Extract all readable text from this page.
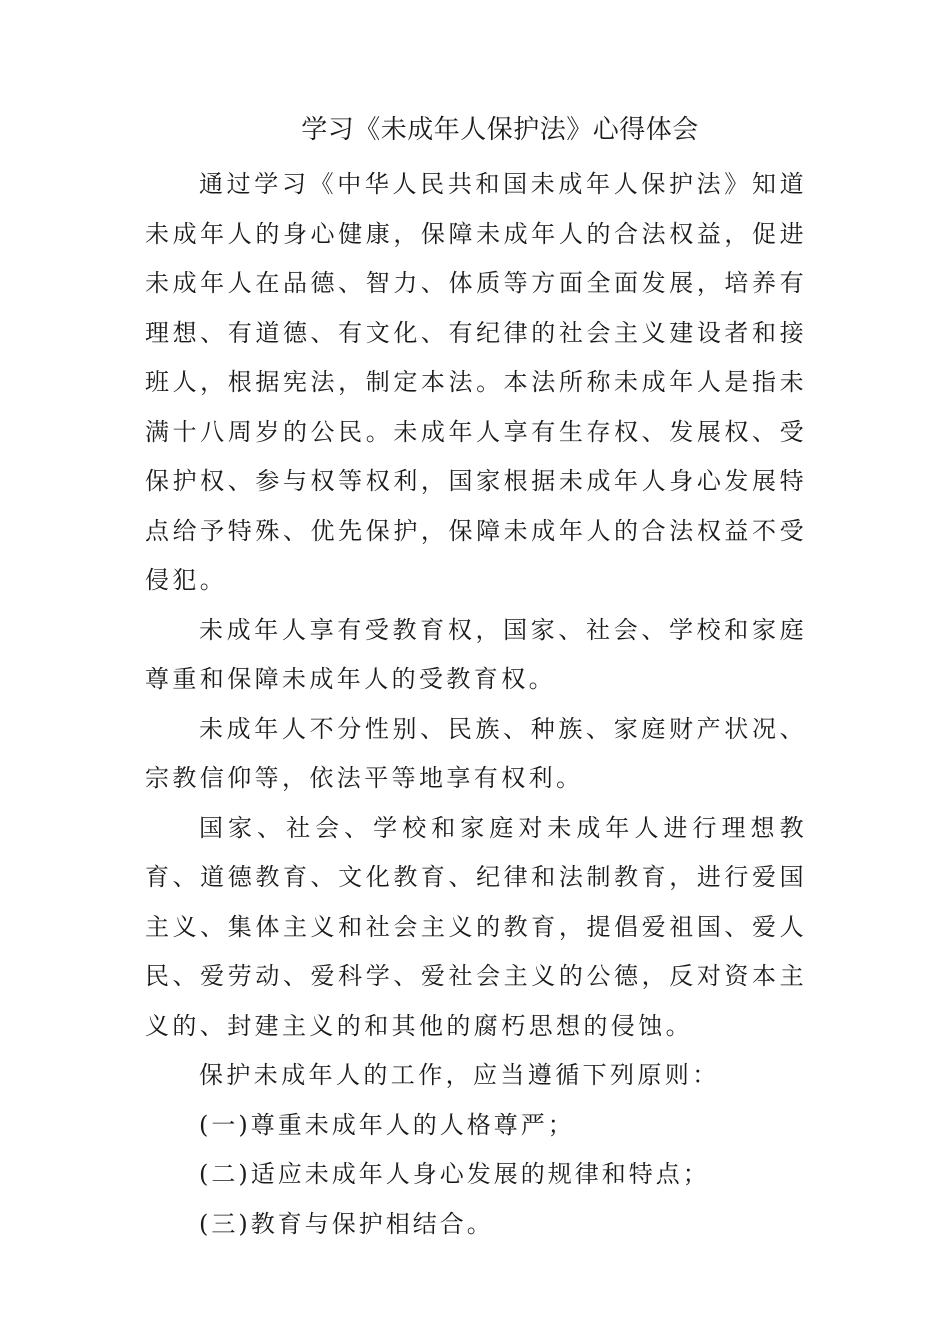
学习《未成年人保护法》心得体会

通过学习《中华人民共和国未成年人保护法》知道未成年人的身心健康，保障未成年人的合法权益，促进未成年人在品德、智力、体质等方面全面发展，培养有理想、有道德、有文化、有纪律的社会主义建设者和接班人，根据宪法，制定本法。本法所称未成年人是指未满十八周岁的公民。未成年人享有生存权、发展权、受保护权、参与权等权利，国家根据未成年人身心发展特点给予特殊、优先保护，保障未成年人的合法权益不受侵犯。

未成年人享有受教育权，国家、社会、学校和家庭尊重和保障未成年人的受教育权。

未成年人不分性别、民族、种族、家庭财产状况、宗教信仰等，依法平等地享有权利。

国家、社会、学校和家庭对未成年人进行理想教育、道德教育、文化教育、纪律和法制教育，进行爱国主义、集体主义和社会主义的教育，提倡爱祖国、爱人民、爱劳动、爱科学、爱社会主义的公德，反对资本主义的、封建主义的和其他的腐朽思想的侵蚀。

保护未成年人的工作，应当遵循下列原则：

(一)尊重未成年人的人格尊严；

(二)适应未成年人身心发展的规律和特点；

(三)教育与保护相结合。
